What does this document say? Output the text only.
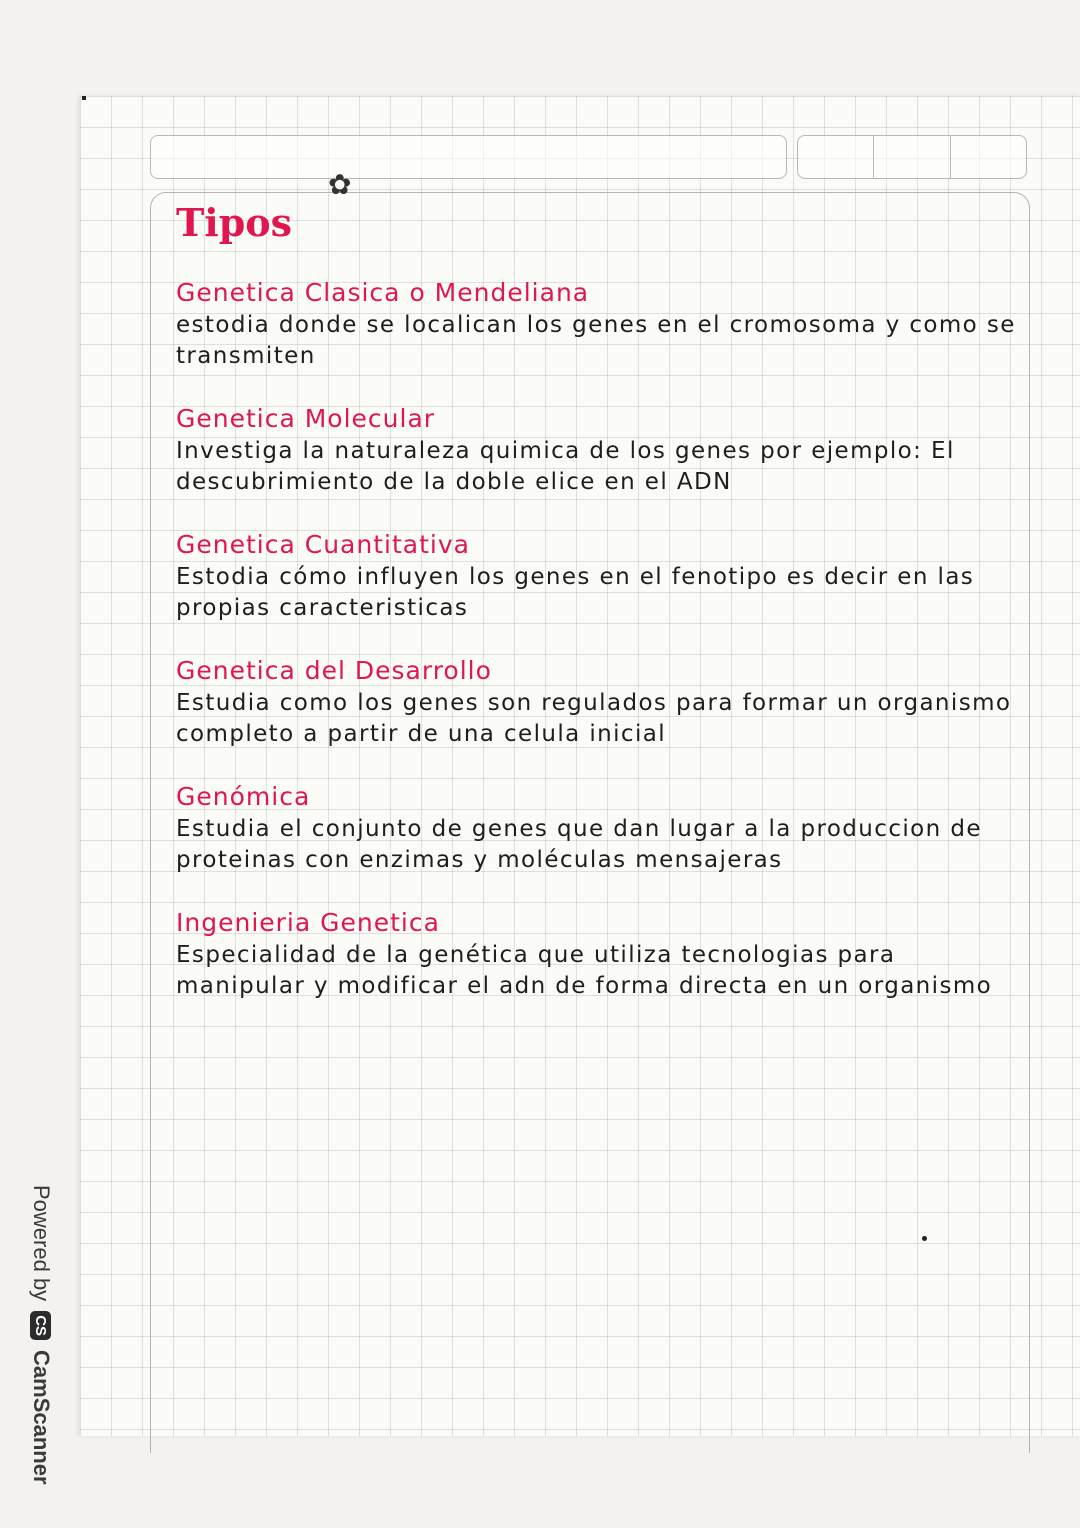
✿
Tipos
Genetica Clasica o Mendeliana

estodia donde se localican los genes en el cromosoma y como se transmiten

Genetica Molecular

Investiga la naturaleza quimica de los genes por ejemplo: El descubrimiento de la doble elice en el ADN

Genetica Cuantitativa

Estodia cómo influyen los genes en el fenotipo es decir en las propias caracteristicas

Genetica del Desarrollo

Estudia como los genes son regulados para formar un organismo completo a partir de una celula inicial

Genómica

Estudia el conjunto de genes que dan lugar a la produccion de proteinas con enzimas y moléculas mensajeras

Ingenieria Genetica

Especialidad de la genética que utiliza tecnologias para manipular y modificar el adn de forma directa en un organismo

Powered by
CS
CamScanner
